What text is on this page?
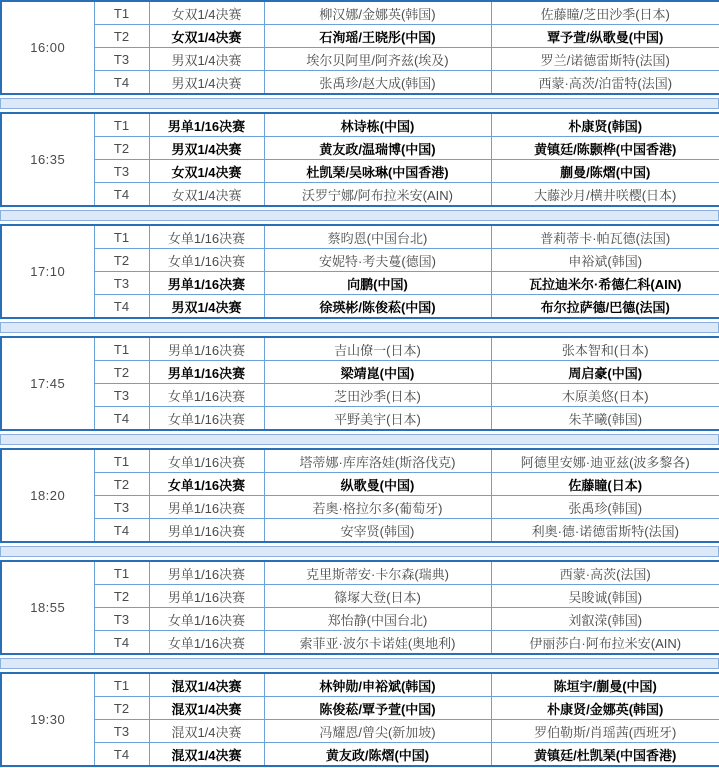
16:00	T1	女双1/4决赛	柳汉娜/金娜英(韩国)	佐藤瞳/芝田沙季(日本)
	T2	女双1/4决赛	石洵瑶/王晓彤(中国)	覃予萱/纵歌曼(中国)
	T3	男双1/4决赛	埃尔贝阿里/阿齐兹(埃及)	罗兰/诺德雷斯特(法国)
	T4	男双1/4决赛	张禹珍/赵大成(韩国)	西蒙·高茨/泊雷特(法国)
16:35	T1	男单1/16决赛	林诗栋(中国)	朴康贤(韩国)
	T2	男双1/4决赛	黄友政/温瑞博(中国)	黄镇廷/陈颢桦(中国香港)
	T3	女双1/4决赛	杜凯琹/吴咏琳(中国香港)	蒯曼/陈熠(中国)
	T4	女双1/4决赛	沃罗宁娜/阿布拉米安(AIN)	大藤沙月/横井咲樱(日本)
17:10	T1	女单1/16决赛	蔡昀恩(中国台北)	普莉蒂卡·帕瓦德(法国)
	T2	女单1/16决赛	安妮特·考夫蔓(德国)	申裕斌(韩国)
	T3	男单1/16决赛	向鹏(中国)	瓦拉迪米尔·希德仁科(AIN)
	T4	男双1/4决赛	徐瑛彬/陈俊菘(中国)	布尔拉萨德/巴德(法国)
17:45	T1	男单1/16决赛	吉山僚一(日本)	张本智和(日本)
	T2	男单1/16决赛	梁靖崑(中国)	周启豪(中国)
	T3	女单1/16决赛	芝田沙季(日本)	木原美悠(日本)
	T4	女单1/16决赛	平野美宇(日本)	朱芊曦(韩国)
18:20	T1	女单1/16决赛	塔蒂娜·库库洛娃(斯洛伐克)	阿德里安娜·迪亚兹(波多黎各)
	T2	女单1/16决赛	纵歌曼(中国)	佐藤瞳(日本)
	T3	男单1/16决赛	若奥·格拉尔多(葡萄牙)	张禹珍(韩国)
	T4	男单1/16决赛	安宰贤(韩国)	利奥·德·诺德雷斯特(法国)
18:55	T1	男单1/16决赛	克里斯蒂安·卡尔森(瑞典)	西蒙·高茨(法国)
	T2	男单1/16决赛	篠塚大登(日本)	吴晙诚(韩国)
	T3	女单1/16决赛	郑怡静(中国台北)	刘叡溁(韩国)
	T4	女单1/16决赛	索菲亚·波尔卡诺娃(奥地利)	伊丽莎白·阿布拉米安(AIN)
19:30	T1	混双1/4决赛	林钟勋/申裕斌(韩国)	陈垣宇/蒯曼(中国)
	T2	混双1/4决赛	陈俊菘/覃予萱(中国)	朴康贤/金娜英(韩国)
	T3	混双1/4决赛	冯耀恩/曾尖(新加坡)	罗伯勒斯/肖瑶茜(西班牙)
	T4	混双1/4决赛	黄友政/陈熠(中国)	黄镇廷/杜凯琹(中国香港)
